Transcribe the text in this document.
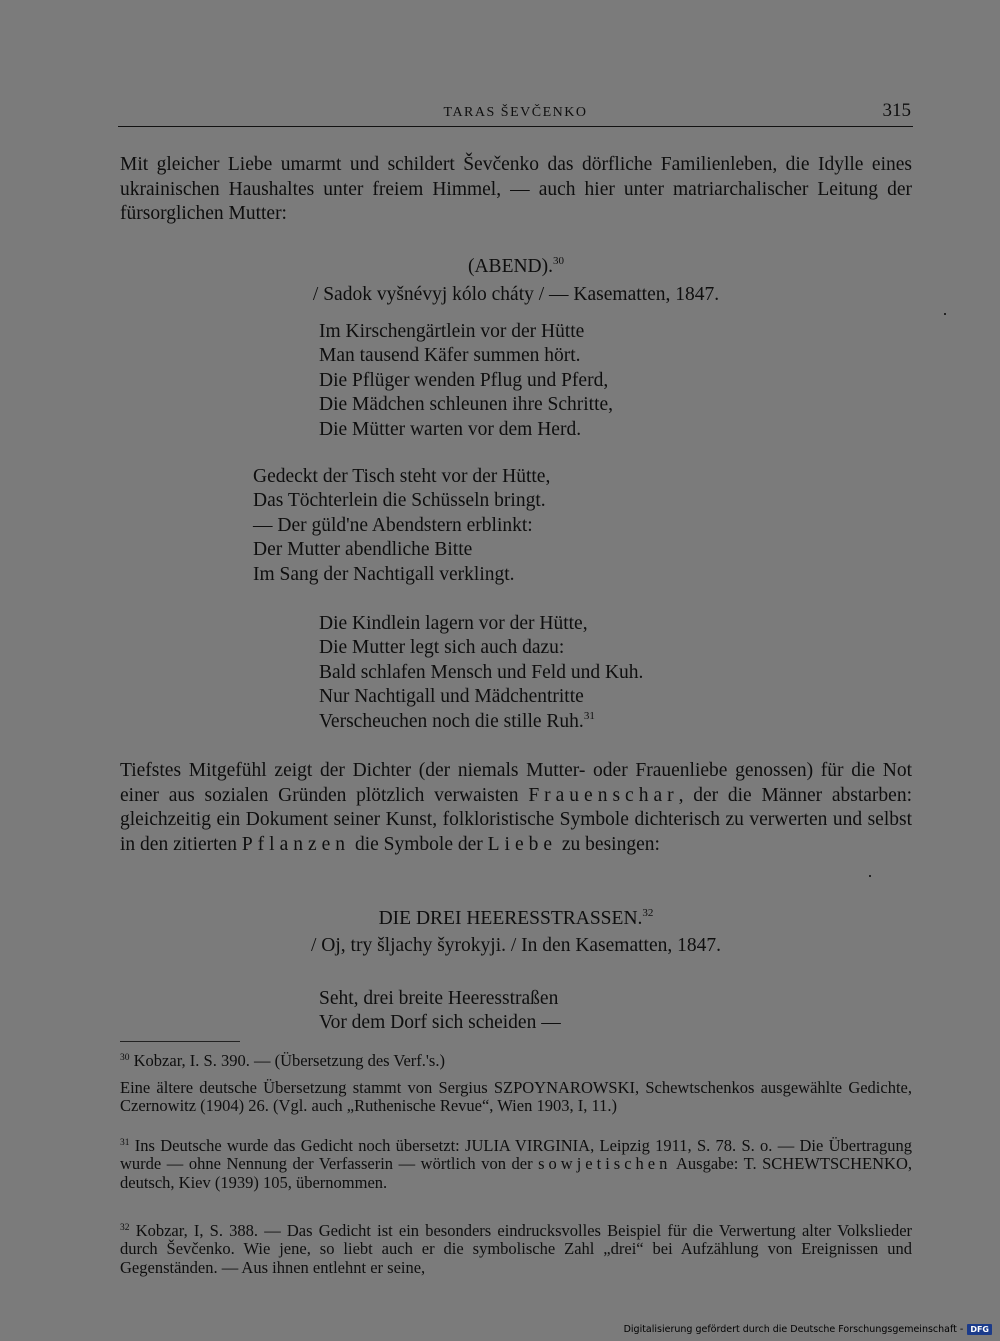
TARAS ŠEVČENKO	315

Mit gleicher Liebe umarmt und schildert Ševčenko das dörfliche Familienleben, die Idylle eines ukrainischen Haushaltes unter freiem Himmel, — auch hier unter matriarchalischer Leitung der fürsorglichen Mutter:

(ABEND).$^{30}$
/ Sadok vyšnévyj kólo cháty / — Kasematten, 1847.
Im Kirschengärtlein vor der Hütte
Man tausend Käfer summen hört.
Die Pflüger wenden Pflug und Pferd,
Die Mädchen schleunen ihre Schritte,
Die Mütter warten vor dem Herd.
Gedeckt der Tisch steht vor der Hütte,
Das Töchterlein die Schüsseln bringt.
— Der güld'ne Abendstern erblinkt:
Der Mutter abendliche Bitte
Im Sang der Nachtigall verklingt.
Die Kindlein lagern vor der Hütte,
Die Mutter legt sich auch dazu:
Bald schlafen Mensch und Feld und Kuh.
Nur Nachtigall und Mädchentritte
Verscheuchen noch die stille Ruh.$^{31}$

Tiefstes Mitgefühl zeigt der Dichter (der niemals Mutter- oder Frauenliebe genossen) für die Not einer aus sozialen Gründen plötzlich verwaisten Frauenschar, der die Männer abstarben: gleichzeitig ein Dokument seiner Kunst, folkloristische Symbole dichterisch zu verwerten und selbst in den zitierten Pflanzen die Symbole der Liebe zu besingen:

DIE DREI HEERESSTRASSEN.$^{32}$
/ Oj, try šljachy šyrokyji. / In den Kasematten, 1847.
Seht, drei breite Heeresstraßen
Vor dem Dorf sich scheiden —

$^{30}$ Kobzar, I. S. 390. — (Übersetzung des Verf.'s.)

Eine ältere deutsche Übersetzung stammt von Sergius SZPOYNAROWSKI, Schewtschenkos ausgewählte Gedichte, Czernowitz (1904) 26. (Vgl. auch „Ruthenische Revue“, Wien 1903, I, 11.)

$^{31}$ Ins Deutsche wurde das Gedicht noch übersetzt: JULIA VIRGINIA, Leipzig 1911, S. 78. S. o. — Die Übertragung wurde — ohne Nennung der Verfasserin — wörtlich von der sowjetischen Ausgabe: T. SCHEWTSCHENKO, deutsch, Kiev (1939) 105, übernommen.

$^{32}$ Kobzar, I, S. 388. — Das Gedicht ist ein besonders eindrucksvolles Beispiel für die Verwertung alter Volkslieder durch Ševčenko. Wie jene, so liebt auch er die symbolische Zahl „drei“ bei Aufzählung von Ereignissen und Gegenständen. — Aus ihnen entlehnt er seine,

Digitalisierung gefördert durch die Deutsche Forschungsgemeinschaft - DFG
